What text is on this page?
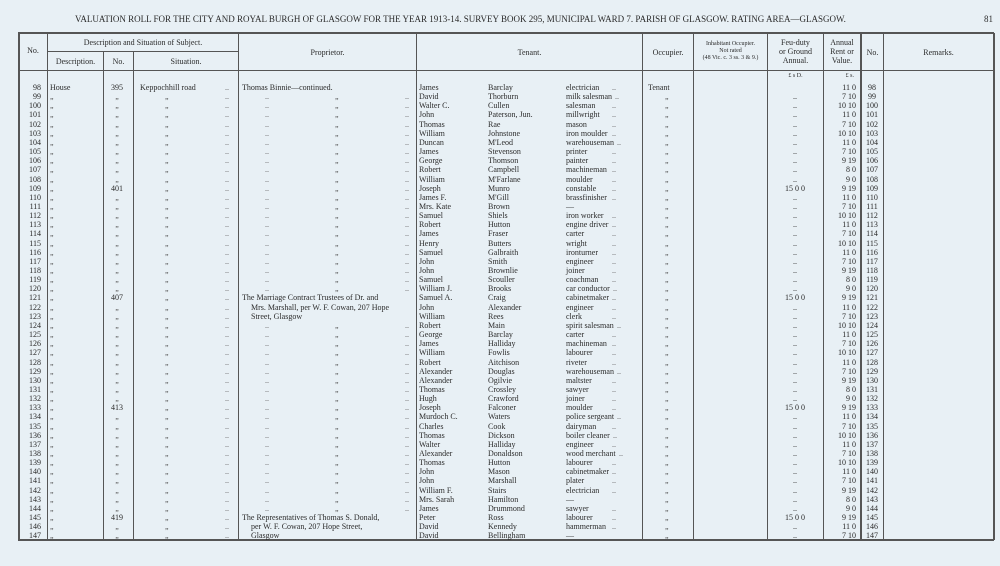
VALUATION ROLL FOR THE CITY AND ROYAL BURGH OF GLASGOW FOR THE YEAR 1913-14. SURVEY BOOK 295, MUNICIPAL WARD 7. PARISH OF GLASGOW. RATING AREA—GLASGOW.	81
No.
Description and Situation of Subject.
Description.	No.	Situation.
Proprietor.	Tenant.	Occupier.
Inhabitant Occupier.
Not rated
(48 Vic. c. 3 ss. 3 & 9.)
Feu-duty
or Ground
Annual.
Annual
Rent or
Value.
No.	Remarks.
£ s D.	£ s.
98 House	395	Keppochhill road	.. Thomas Binnie—continued.	James	Barclay	electrician ..	Tenant	11 0	98
99 „	„	„	..	..	„	.. David	Thorburn	milk salesman ..	„	..	7 10	99
100 „	„	„	..	..	„	.. Walter C.	Cullen	salesman ..	„	..	10 10	100
101 „	„	„	..	..	„	.. John	Paterson, Jun.	millwright ..	„	..	11 0	101
102 „	„	„	..	..	„	.. Thomas	Rae	mason	..	„	..	7 10	102
103 „	„	„	..	..	„	.. William	Johnstone	iron moulder ..	„	..	10 10	103
104 „	„	„	..	..	„	.. Duncan	M'Leod	warehouseman ..	„	..	11 0	104
105 „	„	„	..	..	„	.. James	Stevenson	printer	..	„	..	7 10	105
106 „	„	„	..	..	„	.. George	Thomson	painter	..	„	..	9 19	106
107 „	„	„	..	..	„	.. Robert	Campbell	machineman ..	„	..	8 0	107
108 „	„	„	..	..	„	.. William	M'Farlane	moulder ..	„	..	9 0	108
109 „	401	„	..	..	„	.. Joseph	Munro	constable ..	„	15 0 0	9 19	109
110 „	„	„	..	..	„	.. James F.	M'Gill	brassfinisher ..	„	..	11 0	110
111 „	„	„	..	..	„	.. Mrs. Kate	Brown	—	„	..	7 10	111
112 „	„	„	..	..	„	.. Samuel	Shiels	iron worker ..	„	..	10 10	112
113 „	„	„	..	..	„	.. Robert	Hutton	engine driver ..	„	..	11 0	113
114 „	„	„	..	..	„	.. James	Fraser	carter	..	„	..	7 10	114
115 „	„	„	..	..	„	.. Henry	Butters	wright	..	„	..	10 10	115
116 „	„	„	..	..	„	.. Samuel	Galbraith	ironturner ..	„	..	11 0	116
117 „	„	„	..	..	„	.. John	Smith	engineer ..	„	..	7 10	117
118 „	„	„	..	..	„	.. John	Brownlie	joiner	..	„	..	9 19	118
119 „	„	„	..	..	„	.. Samuel	Scouller	coachman ..	„	..	8 0	119
120 „	„	„	..	..	„	.. William J.	Brooks	car conductor ..	„	..	9 0	120
121 „	407	„	.. The Marriage Contract Trustees of Dr. and	Samuel A.	Craig	cabinetmaker ..	„	15 0 0	9 19	121
122 „	„	„	..	Mrs. Marshall, per W. F. Cowan, 207 Hope	John	Alexander	engineer ..	„	..	11 0	122
123 „	„	„	..	Street, Glasgow	William	Rees	clerk	..	„	..	7 10	123
124 „	„	„	..	..	„	.. Robert	Main	spirit salesman ..	„	..	10 10	124
125 „	„	„	..	..	„	.. George	Barclay	carter	..	„	..	11 0	125
126 „	„	„	..	..	„	.. James	Halliday	machineman ..	„	..	7 10	126
127 „	„	„	..	..	„	.. William	Fowlis	labourer ..	„	..	10 10	127
128 „	„	„	..	..	„	.. Robert	Aitchison	riveter	..	„	..	11 0	128
129 „	„	„	..	..	„	.. Alexander	Douglas	warehouseman ..	„	..	7 10	129
130 „	„	„	..	..	„	.. Alexander	Ogilvie	maltster	..	„	..	9 19	130
131 „	„	„	..	..	„	.. Thomas	Crossley	sawyer	..	„	..	8 0	131
132 „	„	„	..	..	„	.. Hugh	Crawford	joiner	..	„	..	9 0	132
133 „	413	„	..	..	„	.. Joseph	Falconer	moulder ..	„	15 0 0	9 19	133
134 „	„	„	..	..	„	.. Murdoch C.	Waters	police sergeant ..	„	..	11 0	134
135 „	„	„	..	..	„	.. Charles	Cook	dairyman ..	„	..	7 10	135
136 „	„	„	..	..	„	.. Thomas	Dickson	boiler cleaner ..	„	..	10 10	136
137 „	„	„	..	..	„	.. Walter	Halliday	engineer ..	„	..	11 0	137
138 „	„	„	..	..	„	.. Alexander	Donaldson	wood merchant ..	„	..	7 10	138
139 „	„	„	..	..	„	.. Thomas	Hutton	labourer ..	„	..	10 10	139
140 „	„	„	..	..	„	.. John	Mason	cabinetmaker ..	„	..	11 0	140
141 „	„	„	..	..	„	.. John	Marshall	plater	..	„	..	7 10	141
142 „	„	„	..	..	„	.. William F.	Stairs	electrician ..	„	..	9 19	142
143 „	„	„	..	..	„	.. Mrs. Sarah	Hamilton	—	„	..	8 0	143
144 „	„	„	..	..	„	.. James	Drummond	sawyer	..	„	..	9 0	144
145 „	419	„	.. The Representatives of Thomas S. Donald,	Peter	Ross	labourer ..	„	15 0 0	9 19	145
146 „	„	„	..	per W. F. Cowan, 207 Hope Street,	David	Kennedy	hammerman ..	„	..	11 0	146
147 „	„	„	..	Glasgow	David	Bellingham	—	„	..	7 10	147
